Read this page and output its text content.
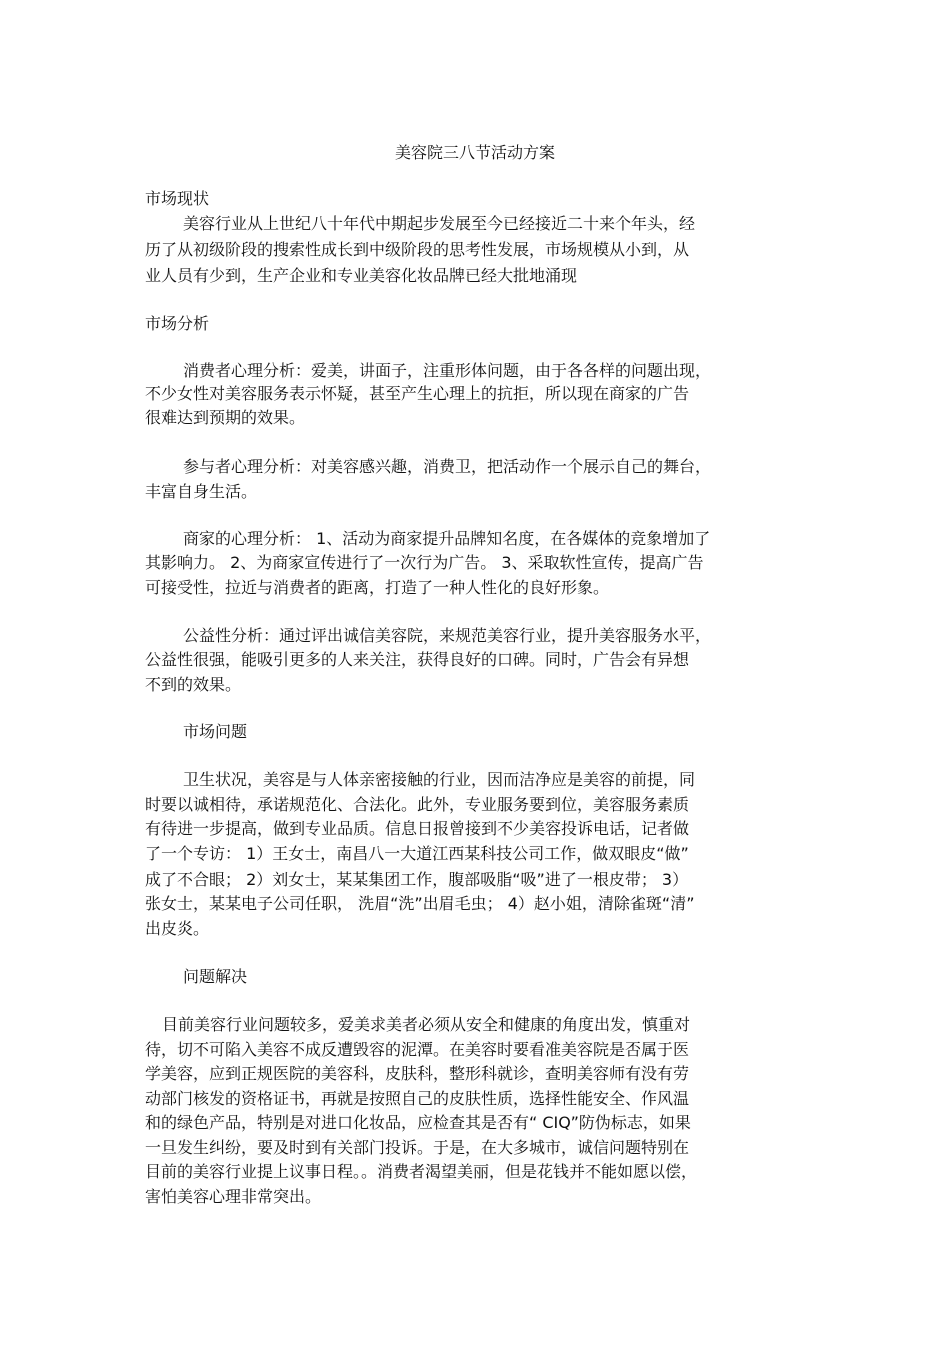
美容院三八节活动方案
市场现状
美容行业从上世纪八十年代中期起步发展至今已经接近二十来个年头，经
历了从初级阶段的搜索性成长到中级阶段的思考性发展，市场规模从小到，从
业人员有少到，生产企业和专业美容化妆品牌已经大批地涌现
市场分析
消费者心理分析：爱美，讲面子，注重形体问题，由于各各样的问题出现，
不少女性对美容服务表示怀疑，甚至产生心理上的抗拒，所以现在商家的广告
很难达到预期的效果。
参与者心理分析：对美容感兴趣，消费卫，把活动作一个展示自己的舞台，
丰富自身生活。
商家的心理分析： 1、活动为商家提升品牌知名度，在各媒体的竞象增加了
其影响力。 2、为商家宣传进行了一次行为广告。 3、采取软性宣传，提高广告
可接受性，拉近与消费者的距离，打造了一种人性化的良好形象。
公益性分析：通过评出诚信美容院，来规范美容行业，提升美容服务水平，
公益性很强，能吸引更多的人来关注，获得良好的口碑。同时，广告会有异想
不到的效果。
市场问题
卫生状况，美容是与人体亲密接触的行业，因而洁净应是美容的前提，同
时要以诚相待，承诺规范化、合法化。此外，专业服务要到位，美容服务素质
有待进一步提高，做到专业品质。信息日报曾接到不少美容投诉电话，记者做
了一个专访： 1）王女士，南昌八一大道江西某科技公司工作，做双眼皮“做”
成了不合眼； 2）刘女士，某某集团工作，腹部吸脂“吸”进了一根皮带； 3）
张女士，某某电子公司任职， 洗眉“洗”出眉毛虫； 4）赵小姐，清除雀斑“清”
出皮炎。
问题解决
目前美容行业问题较多，爱美求美者必须从安全和健康的角度出发，慎重对
待，切不可陷入美容不成反遭毁容的泥潭。在美容时要看准美容院是否属于医
学美容，应到正规医院的美容科，皮肤科，整形科就诊，查明美容师有没有劳
动部门核发的资格证书，再就是按照自己的皮肤性质，选择性能安全、作风温
和的绿色产品，特别是对进口化妆品，应检查其是否有“ CIQ”防伪标志，如果
一旦发生纠纷，要及时到有关部门投诉。于是，在大多城市，诚信问题特别在
目前的美容行业提上议事日程。。消费者渴望美丽，但是花钱并不能如愿以偿，
害怕美容心理非常突出。
